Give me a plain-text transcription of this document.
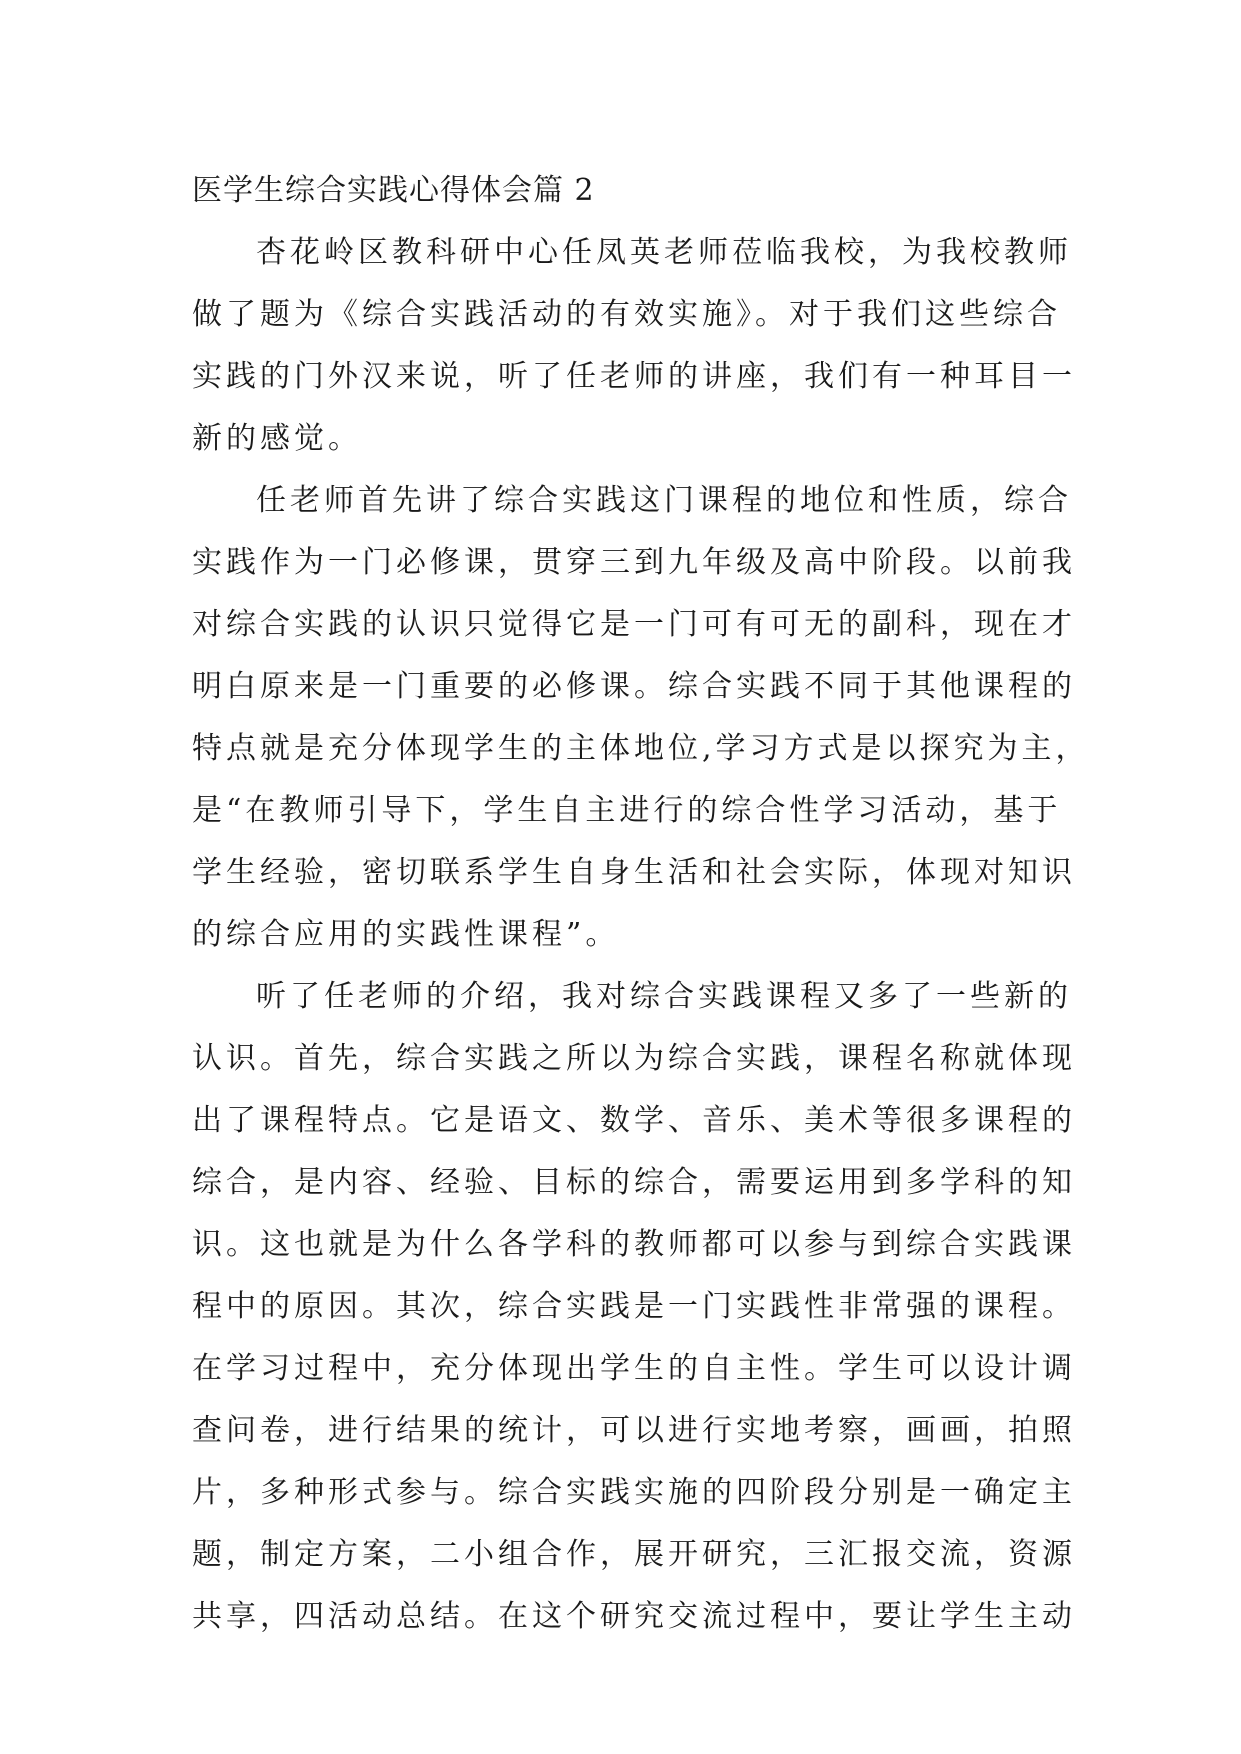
医学生综合实践心得体会篇 2
杏花岭区教科研中心任凤英老师莅临我校，为我校教师
做了题为《综合实践活动的有效实施》。对于我们这些综合
实践的门外汉来说，听了任老师的讲座，我们有一种耳目一
新的感觉。
任老师首先讲了综合实践这门课程的地位和性质，综合
实践作为一门必修课，贯穿三到九年级及高中阶段。以前我
对综合实践的认识只觉得它是一门可有可无的副科，现在才
明白原来是一门重要的必修课。综合实践不同于其他课程的
特点就是充分体现学生的主体地位,学习方式是以探究为主，
是“在教师引导下，学生自主进行的综合性学习活动，基于
学生经验，密切联系学生自身生活和社会实际，体现对知识
的综合应用的实践性课程”。
听了任老师的介绍，我对综合实践课程又多了一些新的
认识。首先，综合实践之所以为综合实践，课程名称就体现
出了课程特点。它是语文、数学、音乐、美术等很多课程的
综合，是内容、经验、目标的综合，需要运用到多学科的知
识。这也就是为什么各学科的教师都可以参与到综合实践课
程中的原因。其次，综合实践是一门实践性非常强的课程。
在学习过程中，充分体现出学生的自主性。学生可以设计调
查问卷，进行结果的统计，可以进行实地考察，画画，拍照
片，多种形式参与。综合实践实施的四阶段分别是一确定主
题，制定方案，二小组合作，展开研究，三汇报交流，资源
共享，四活动总结。在这个研究交流过程中，要让学生主动
